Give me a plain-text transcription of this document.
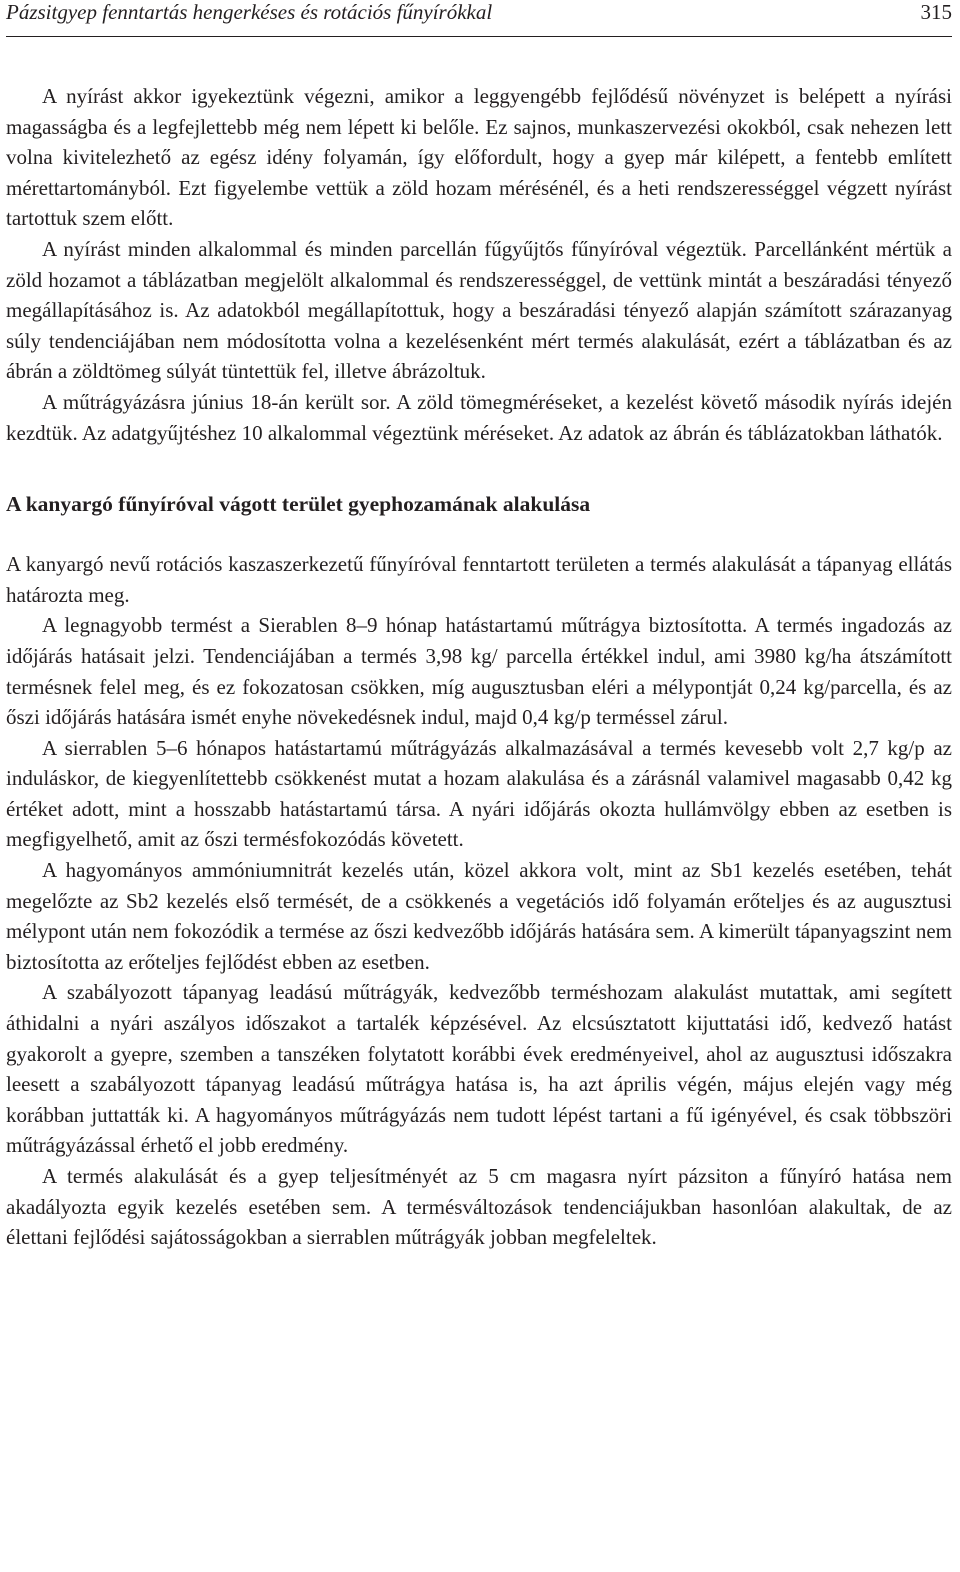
Pázsitgyep fenntartás hengerkéses és rotációs fűnyírókkal	315

A nyírást akkor igyekeztünk végezni, amikor a leggyengébb fejlődésű növényzet is belépett a nyírási magasságba és a legfejlettebb még nem lépett ki belőle. Ez sajnos, munkaszervezési okokból, csak nehezen lett volna kivitelezhető az egész idény folyamán, így előfordult, hogy a gyep már kilépett, a fentebb említett mérettartományból. Ezt figyelembe vettük a zöld hozam mérésénél, és a heti rendszerességgel végzett nyírást tartottuk szem előtt.

A nyírást minden alkalommal és minden parcellán fűgyűjtős fűnyíróval végeztük. Parcellánként mértük a zöld hozamot a táblázatban megjelölt alkalommal és rendszerességgel, de vettünk mintát a beszáradási tényező megállapításához is. Az adatokból megállapítottuk, hogy a beszáradási tényező alapján számított szárazanyag súly tendenciájában nem módosította volna a kezelésenként mért termés alakulását, ezért a táblázatban és az ábrán a zöldtömeg súlyát tüntettük fel, illetve ábrázoltuk.

A műtrágyázásra június 18-án került sor. A zöld tömegméréseket, a kezelést követő második nyírás idején kezdtük. Az adatgyűjtéshez 10 alkalommal végeztünk méréseket. Az adatok az ábrán és táblázatokban láthatók.

A kanyargó fűnyíróval vágott terület gyephozamának alakulása

A kanyargó nevű rotációs kaszaszerkezetű fűnyíróval fenntartott területen a termés alakulását a tápanyag ellátás határozta meg.

A legnagyobb termést a Sierablen 8–9 hónap hatástartamú műtrágya biztosította. A termés ingadozás az időjárás hatásait jelzi. Tendenciájában a termés 3,98 kg/ parcella értékkel indul, ami 3980 kg/ha átszámított termésnek felel meg, és ez fokozatosan csökken, míg augusztusban eléri a mélypontját 0,24 kg/parcella, és az őszi időjárás hatására ismét enyhe növekedésnek indul, majd 0,4 kg/p terméssel zárul.

A sierrablen 5–6 hónapos hatástartamú műtrágyázás alkalmazásával a termés kevesebb volt 2,7 kg/p az induláskor, de kiegyenlítettebb csökkenést mutat a hozam alakulása és a zárásnál valamivel magasabb 0,42 kg értéket adott, mint a hosszabb hatástartamú társa. A nyári időjárás okozta hullámvölgy ebben az esetben is megfigyelhető, amit az őszi termésfokozódás követett.

A hagyományos ammóniumnitrát kezelés után, közel akkora volt, mint az Sb1 kezelés esetében, tehát megelőzte az Sb2 kezelés első termését, de a csökkenés a vegetációs idő folyamán erőteljes és az augusztusi mélypont után nem fokozódik a termése az őszi kedvezőbb időjárás hatására sem. A kimerült tápanyagszint nem biztosította az erőteljes fejlődést ebben az esetben.

A szabályozott tápanyag leadású műtrágyák, kedvezőbb terméshozam alakulást mutattak, ami segített áthidalni a nyári aszályos időszakot a tartalék képzésével. Az elcsúsztatott kijuttatási idő, kedvező hatást gyakorolt a gyepre, szemben a tanszéken folytatott korábbi évek eredményeivel, ahol az augusztusi időszakra leesett a szabályozott tápanyag leadású műtrágya hatása is, ha azt április végén, május elején vagy még korábban juttatták ki. A hagyományos műtrágyázás nem tudott lépést tartani a fű igényével, és csak többszöri műtrágyázással érhető el jobb eredmény.

A termés alakulását és a gyep teljesítményét az 5 cm magasra nyírt pázsiton a fűnyíró hatása nem akadályozta egyik kezelés esetében sem. A termésváltozások tendenciájukban hasonlóan alakultak, de az élettani fejlődési sajátosságokban a sierrablen műtrágyák jobban megfeleltek.
